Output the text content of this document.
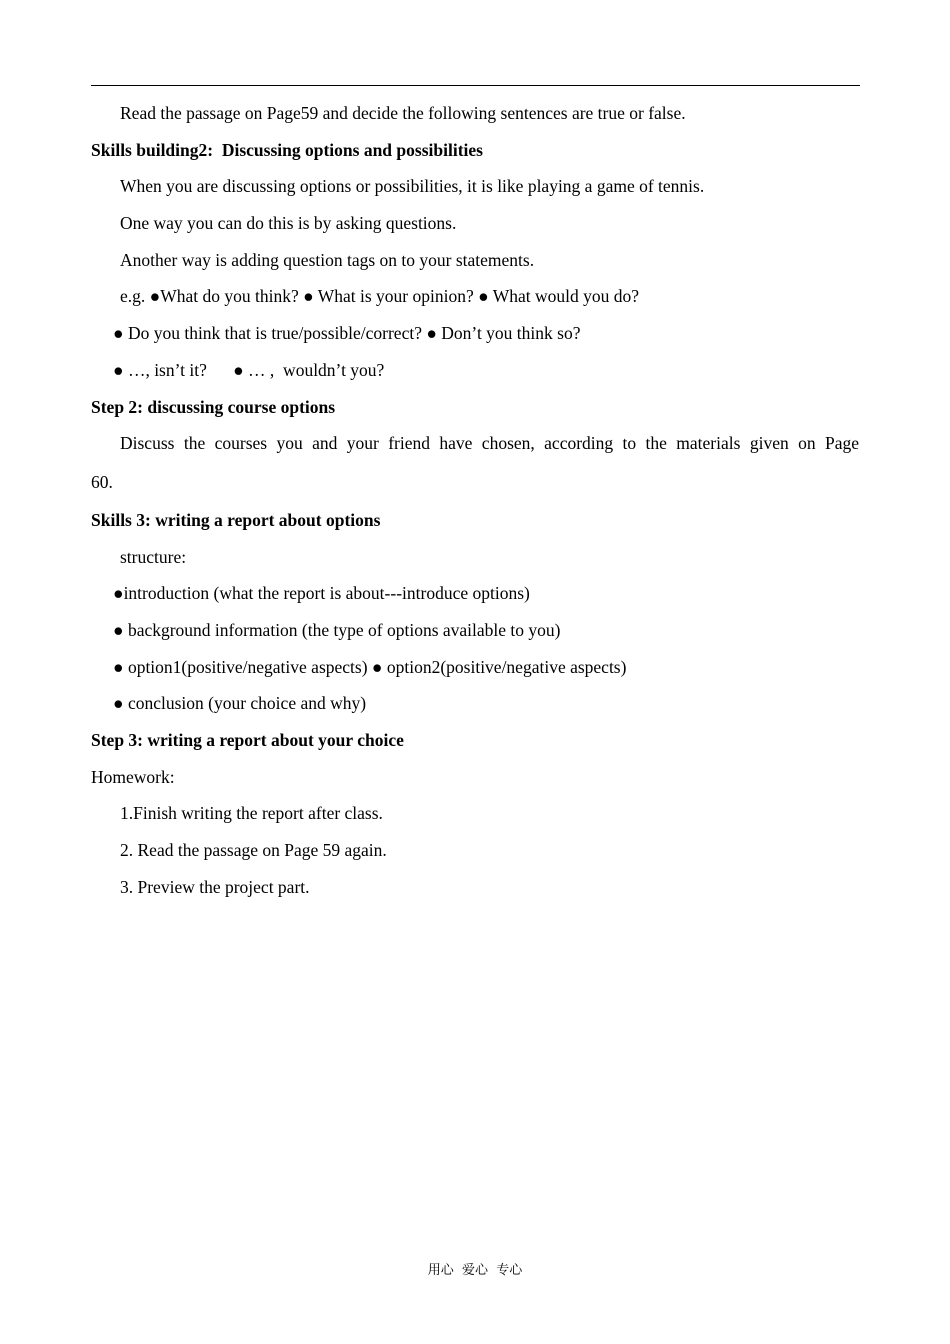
Read the passage on Page59 and decide the following sentences are true or false.
Skills building2:  Discussing options and possibilities
When you are discussing options or possibilities, it is like playing a game of tennis.
One way you can do this is by asking questions.
Another way is adding question tags on to your statements.
e.g. ●What do you think? ● What is your opinion? ● What would you do?
● Do you think that is true/possible/correct? ● Don’t you think so?
● …, isn’t it?      ● … ,  wouldn’t you?
Step 2: discussing course options
Discuss the courses you and your friend have chosen, according to the materials given on Page
60.
Skills 3: writing a report about options
structure:
●introduction (what the report is about---introduce options)
● background information (the type of options available to you)
● option1(positive/negative aspects) ● option2(positive/negative aspects)
● conclusion (your choice and why)
Step 3: writing a report about your choice
Homework:
1.Finish writing the report after class.
2. Read the passage on Page 59 again.
3. Preview the project part.
用心  爱心  专心
